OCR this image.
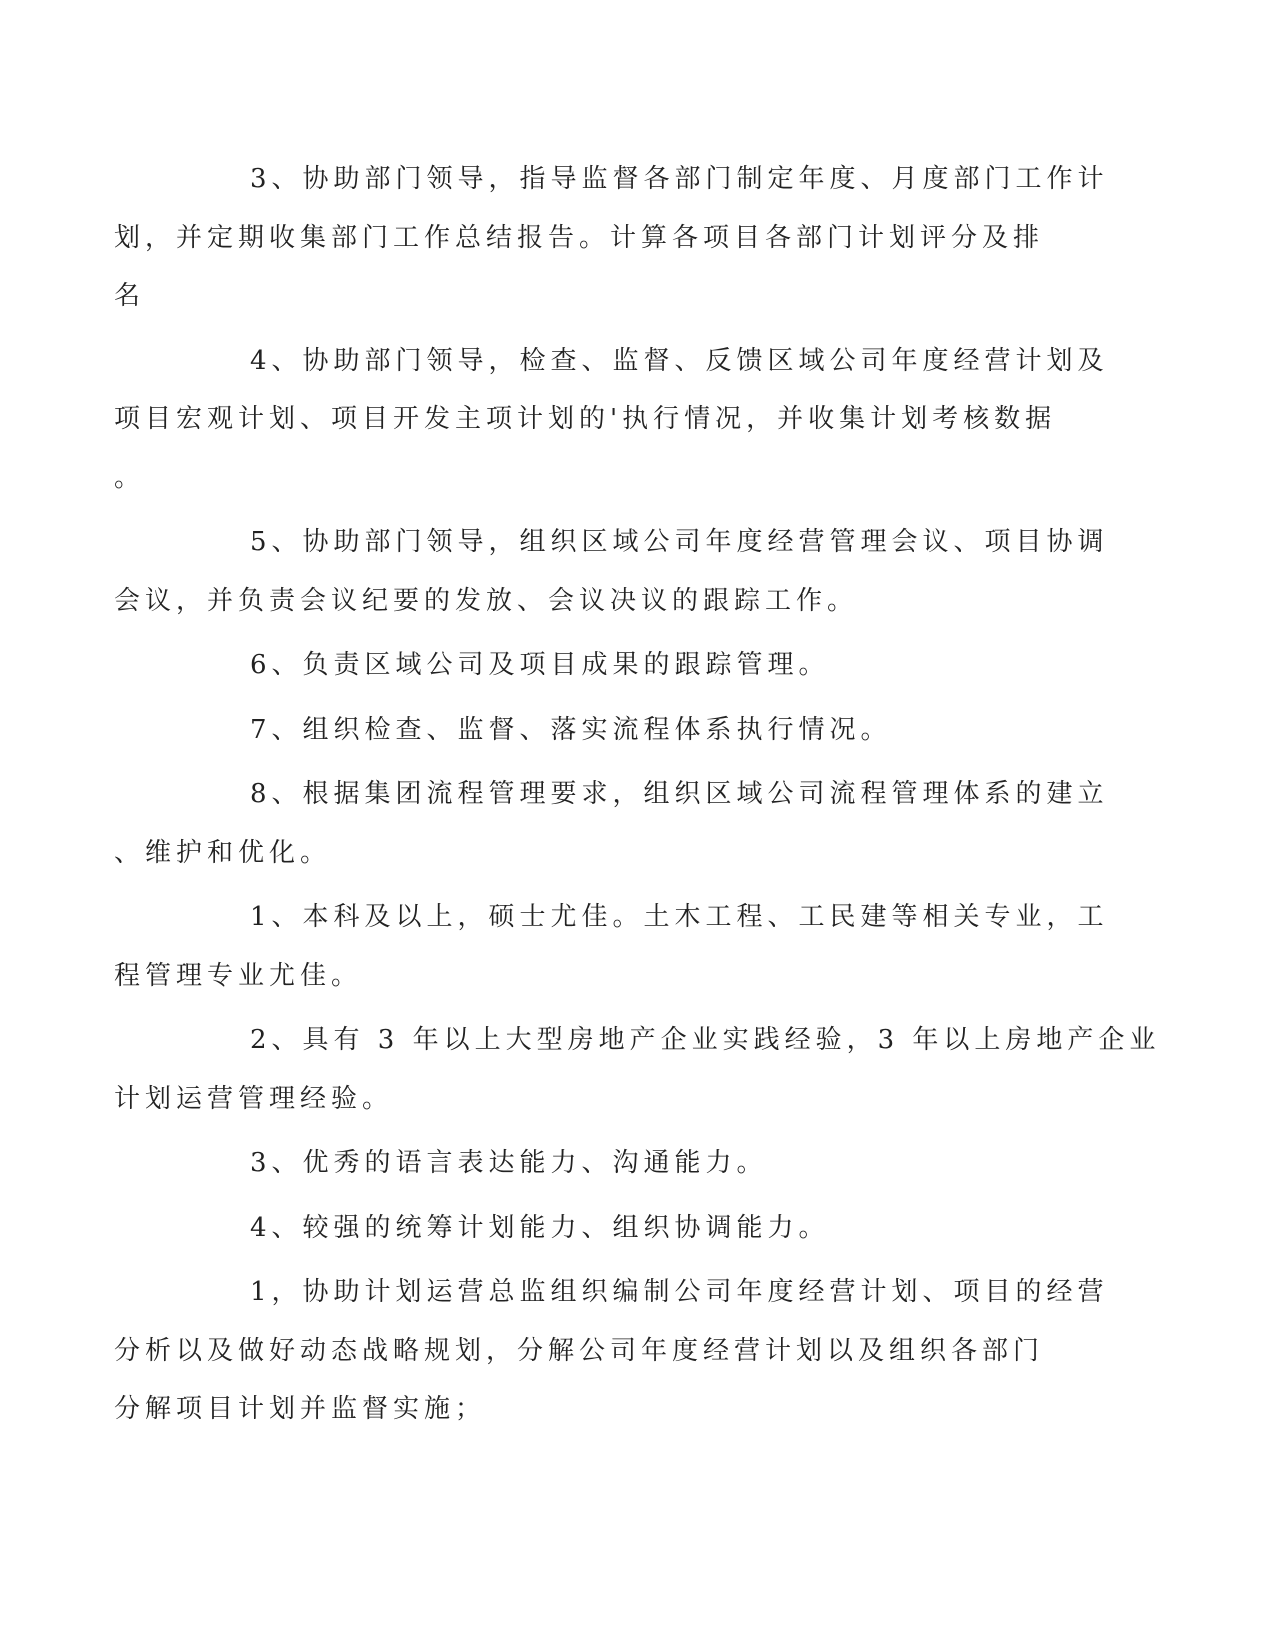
3、协助部门领导，指导监督各部门制定年度、月度部门工作计
划，并定期收集部门工作总结报告。计算各项目各部门计划评分及排
名

4、协助部门领导，检查、监督、反馈区域公司年度经营计划及
项目宏观计划、项目开发主项计划的'执行情况，并收集计划考核数据
。

5、协助部门领导，组织区域公司年度经营管理会议、项目协调
会议，并负责会议纪要的发放、会议决议的跟踪工作。

6、负责区域公司及项目成果的跟踪管理。

7、组织检查、监督、落实流程体系执行情况。

8、根据集团流程管理要求，组织区域公司流程管理体系的建立
、维护和优化。

1、本科及以上，硕士尤佳。土木工程、工民建等相关专业，工
程管理专业尤佳。

2、具有 3 年以上大型房地产企业实践经验，3 年以上房地产企业
计划运营管理经验。

3、优秀的语言表达能力、沟通能力。

4、较强的统筹计划能力、组织协调能力。

1，协助计划运营总监组织编制公司年度经营计划、项目的经营
分析以及做好动态战略规划，分解公司年度经营计划以及组织各部门
分解项目计划并监督实施；
